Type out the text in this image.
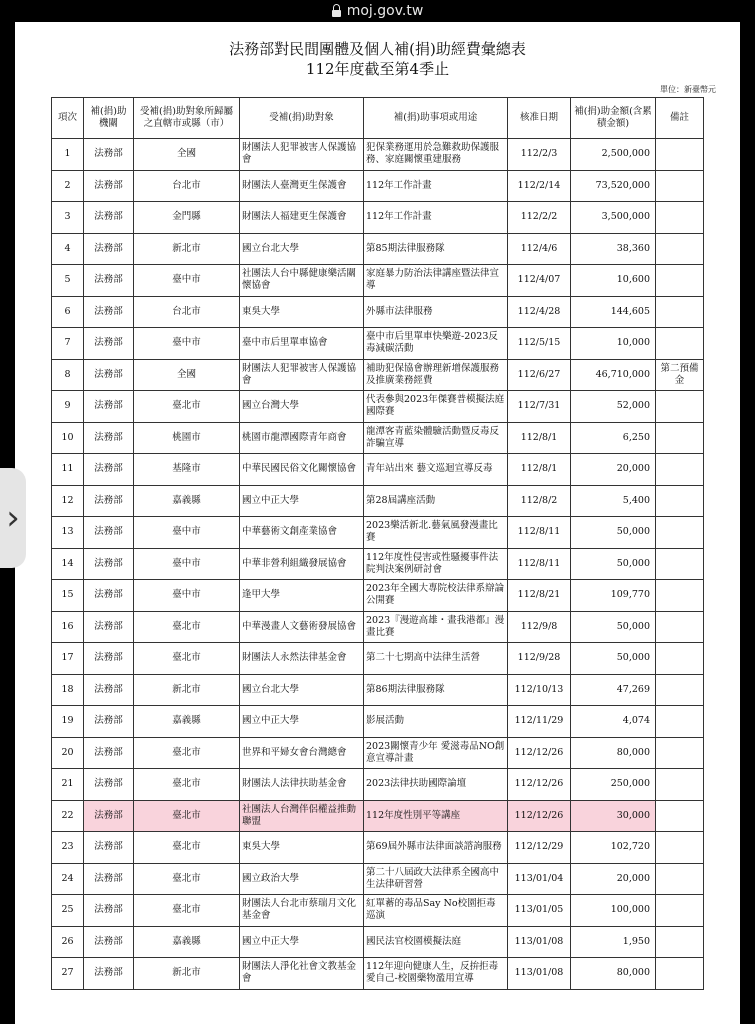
moj.gov.tw
法務部對民間團體及個人補(捐)助經費彙總表
112年度截至第4季止
單位：新臺幣元
項次	補(捐)助機關	受補(捐)助對象所歸屬之直轄市或縣（市）	受補(捐)助對象	補(捐)助事項或用途	核准日期	補(捐)助金額(含累積金額)	備註
1	法務部	全國	財團法人犯罪被害人保護協會	犯保業務運用於急難救助保護服務、家庭關懷重建服務	112/2/3	2,500,000	
2	法務部	台北市	財團法人臺灣更生保護會	112年工作計畫	112/2/14	73,520,000	
3	法務部	金門縣	財團法人福建更生保護會	112年工作計畫	112/2/2	3,500,000	
4	法務部	新北市	國立台北大學	第85期法律服務隊	112/4/6	38,360	
5	法務部	臺中市	社團法人台中縣健康樂活關懷協會	家庭暴力防治法律講座暨法律宣導	112/4/07	10,600	
6	法務部	台北市	東吳大學	外縣市法律服務	112/4/28	144,605	
7	法務部	臺中市	臺中市后里單車協會	臺中市后里單車快樂遊-2023反毒減碳活動	112/5/15	10,000	
8	法務部	全國	財團法人犯罪被害人保護協會	補助犯保協會辦理新增保護服務及推廣業務經費	112/6/27	46,710,000	第二預備金
9	法務部	臺北市	國立台灣大學	代表參與2023年傑賽普模擬法庭國際賽	112/7/31	52,000	
10	法務部	桃園市	桃園市龍潭國際青年商會	龍潭客青藍染體驗活動暨反毒反詐騙宣導	112/8/1	6,250	
11	法務部	基隆市	中華民國民俗文化關懷協會	青年站出來 藝文巡迴宣導反毒	112/8/1	20,000	
12	法務部	嘉義縣	國立中正大學	第28屆講座活動	112/8/2	5,400	
13	法務部	臺中市	中華藝術文創產業協會	2023樂活新北.藝氣風發漫畫比賽	112/8/11	50,000	
14	法務部	臺中市	中華非營利組織發展協會	112年度性侵害或性騷擾事件法院判決案例研討會	112/8/11	50,000	
15	法務部	臺中市	逢甲大學	2023年全國大專院校法律系辯論公開賽	112/8/21	109,770	
16	法務部	臺北市	中華漫畫人文藝術發展協會	2023『漫遊高雄・畫我港都』漫畫比賽	112/9/8	50,000	
17	法務部	臺北市	財團法人永然法律基金會	第二十七期高中法律生活營	112/9/28	50,000	
18	法務部	新北市	國立台北大學	第86期法律服務隊	112/10/13	47,269	
19	法務部	嘉義縣	國立中正大學	影展活動	112/11/29	4,074	
20	法務部	臺北市	世界和平婦女會台灣總會	2023關懷青少年 愛滋毒品NO創意宣導計畫	112/12/26	80,000	
21	法務部	臺北市	財團法人法律扶助基金會	2023法律扶助國際論壇	112/12/26	250,000	
22	法務部	臺北市	社團法人台灣伴侶權益推動聯盟	112年度性別平等講座	112/12/26	30,000	
23	法務部	臺北市	東吳大學	第69屆外縣市法律面談諮詢服務	112/12/29	102,720	
24	法務部	臺北市	國立政治大學	第二十八屆政大法律系全國高中生法律研習營	113/01/04	20,000	
25	法務部	臺北市	財團法人台北市蔡瑞月文化基金會	紅單蓄的毒品Say No校園拒毒巡演	113/01/05	100,000	
26	法務部	嘉義縣	國立中正大學	國民法官校園模擬法庭	113/01/08	1,950	
27	法務部	新北市	財團法人淨化社會文教基金會	112年迎向健康人生，反拚拒毒愛自己-校園藥物濫用宣導	113/01/08	80,000	
›
